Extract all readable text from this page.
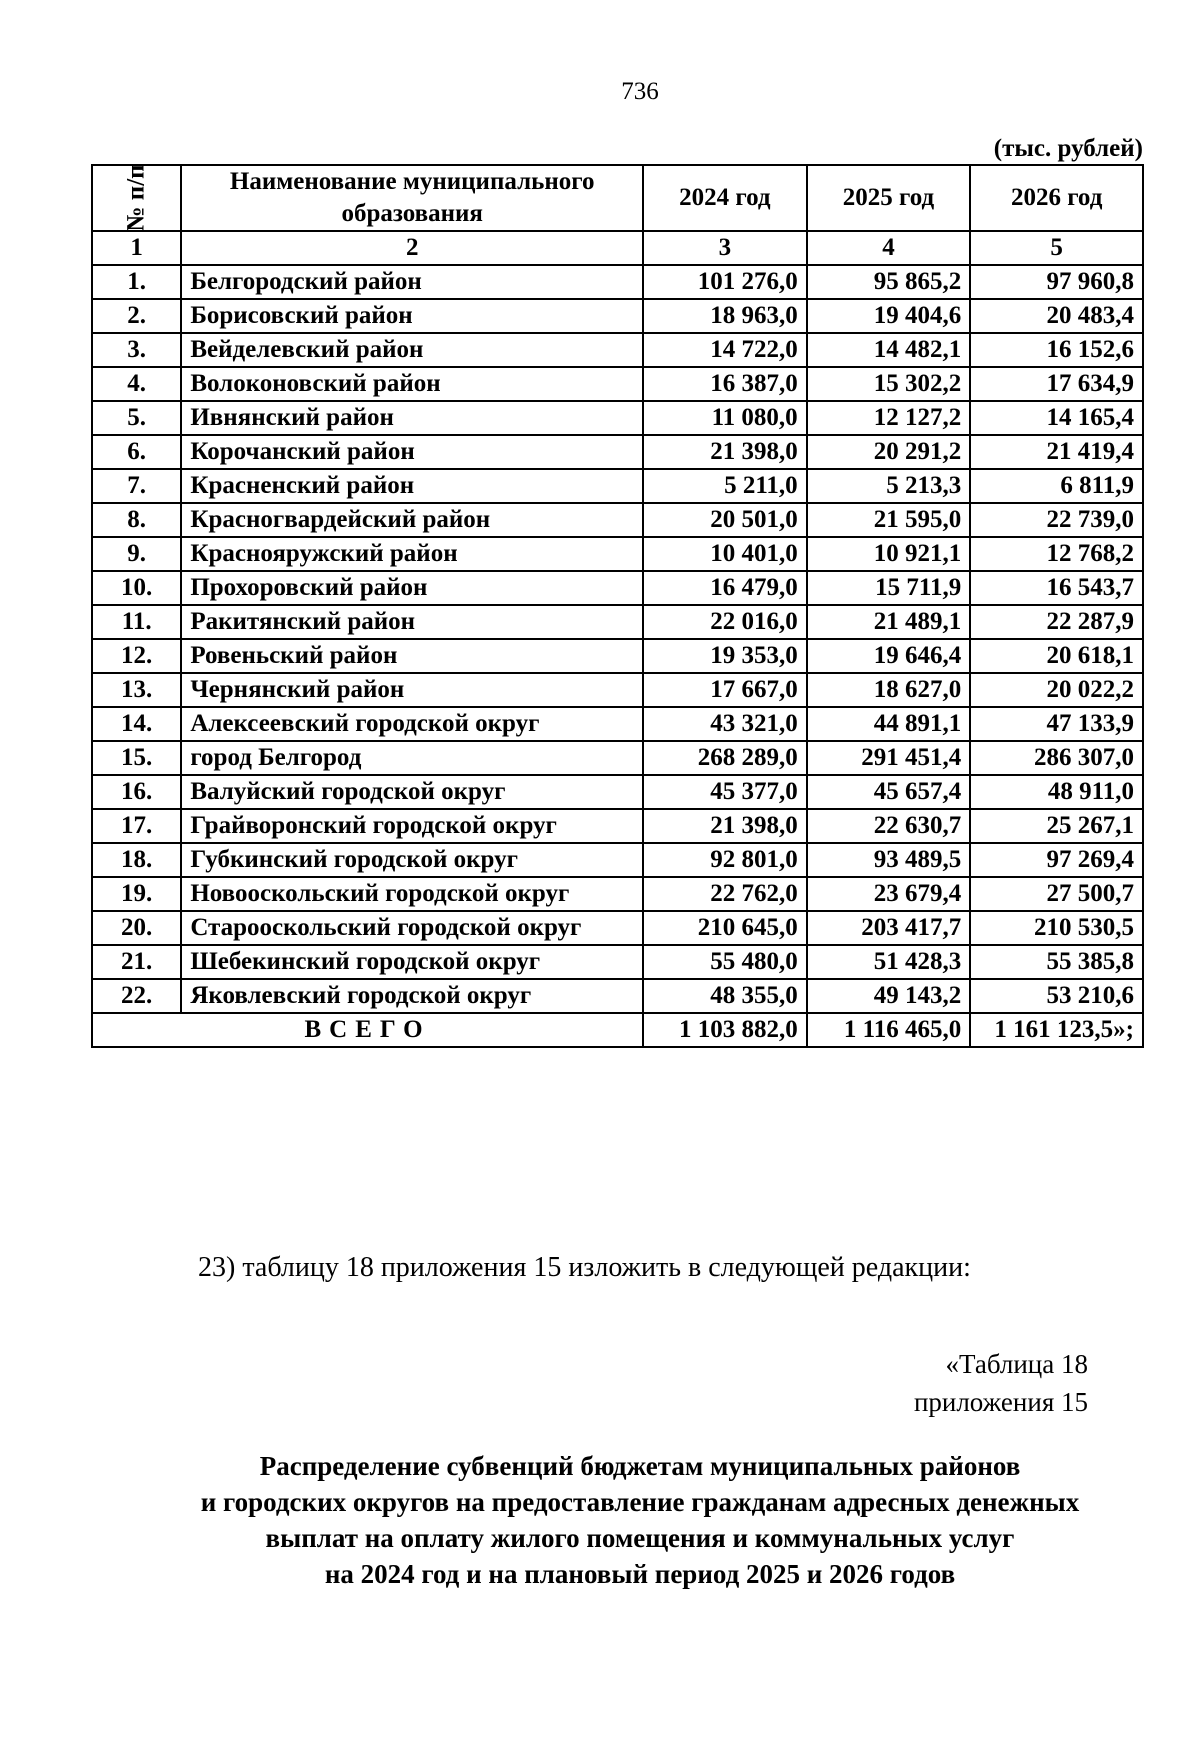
736
(тыс. рублей)
№ п/п	Наименование муниципального образования	2024 год	2025 год	2026 год
1	2	3	4	5
1.	Белгородский район	101 276,0	95 865,2	97 960,8
2.	Борисовский район	18 963,0	19 404,6	20 483,4
3.	Вейделевский район	14 722,0	14 482,1	16 152,6
4.	Волоконовский район	16 387,0	15 302,2	17 634,9
5.	Ивнянский район	11 080,0	12 127,2	14 165,4
6.	Корочанский район	21 398,0	20 291,2	21 419,4
7.	Красненский район	5 211,0	5 213,3	6 811,9
8.	Красногвардейский район	20 501,0	21 595,0	22 739,0
9.	Краснояружский район	10 401,0	10 921,1	12 768,2
10.	Прохоровский район	16 479,0	15 711,9	16 543,7
11.	Ракитянский район	22 016,0	21 489,1	22 287,9
12.	Ровеньский район	19 353,0	19 646,4	20 618,1
13.	Чернянский район	17 667,0	18 627,0	20 022,2
14.	Алексеевский городской округ	43 321,0	44 891,1	47 133,9
15.	город Белгород	268 289,0	291 451,4	286 307,0
16.	Валуйский городской округ	45 377,0	45 657,4	48 911,0
17.	Грайворонский городской округ	21 398,0	22 630,7	25 267,1
18.	Губкинский городской округ	92 801,0	93 489,5	97 269,4
19.	Новооскольский городской округ	22 762,0	23 679,4	27 500,7
20.	Старооскольский городской округ	210 645,0	203 417,7	210 530,5
21.	Шебекинский городской округ	55 480,0	51 428,3	55 385,8
22.	Яковлевский городской округ	48 355,0	49 143,2	53 210,6
ВСЕГО		1 103 882,0	1 116 465,0	1 161 123,5»;
23) таблицу 18 приложения 15 изложить в следующей редакции:
«Таблица 18
приложения 15
Распределение субвенций бюджетам муниципальных районов
и городских округов на предоставление гражданам адресных денежных
выплат на оплату жилого помещения и коммунальных услуг
на 2024 год и на плановый период 2025 и 2026 годов
